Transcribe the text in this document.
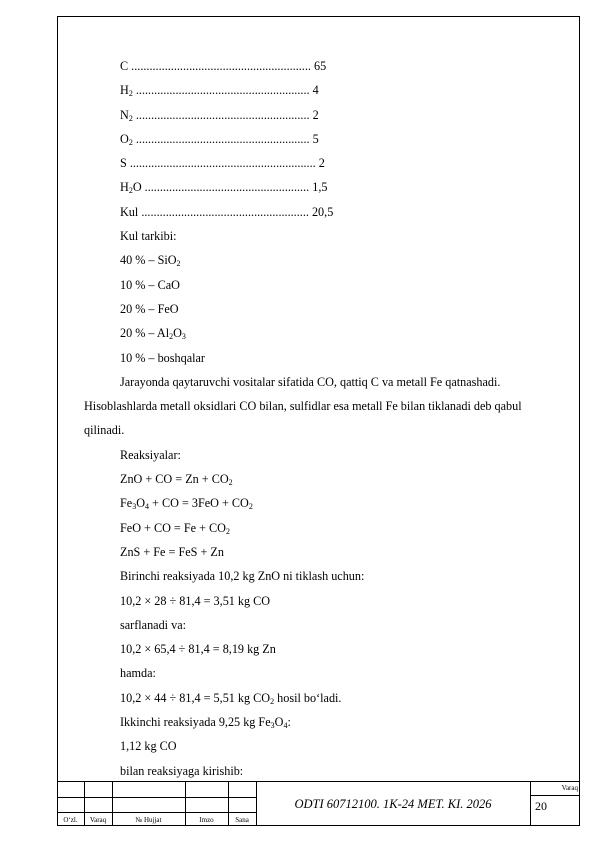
C ........................................................... 65
$H_2$ ......................................................... 4
$N_2$ ......................................................... 2
$O_2$ ......................................................... 5
S ............................................................. 2
$H_2O$ ...................................................... 1,5
Kul ....................................................... 20,5
Kul tarkibi:
40 % – SiO$_2$
10 % – CaO
20 % – FeO
20 % – $Al_2O_3$
10 % – boshqalar
Jarayonda qaytaruvchi vositalar sifatida CO, qattiq C va metall Fe qatnashadi. Hisoblashlarda metall oksidlari CO bilan, sulfidlar esa metall Fe bilan tiklanadi deb qabul qilinadi.
Reaksiyalar:
ZnO + CO = $Zn + CO_2$
$Fe_3O_4$ + CO = $3FeO + CO_2$
FeO + CO = $Fe + CO_2$
ZnS + Fe = FeS + Zn
Birinchi reaksiyada 10,2 kg ZnO ni tiklash uchun:
10,2 × 28 ÷ 81,4 = 3,51 kg CO
sarflanadi va:
10,2 × 65,4 ÷ 81,4 = 8,19 kg Zn
hamda:
10,2 × 44 ÷ 81,4 = 5,51 kg $CO_2$ hosil bo‘ladi.
Ikkinchi reaksiyada 9,25 kg $Fe_3O_4$:
1,12 kg CO
bilan reaksiyaga kirishib:
O‘zl.	Varaq	№ Hujjat	Imzo	Sana
ODTI 60712100. 1K-24 MET. KI. 2026
Varaq
20
